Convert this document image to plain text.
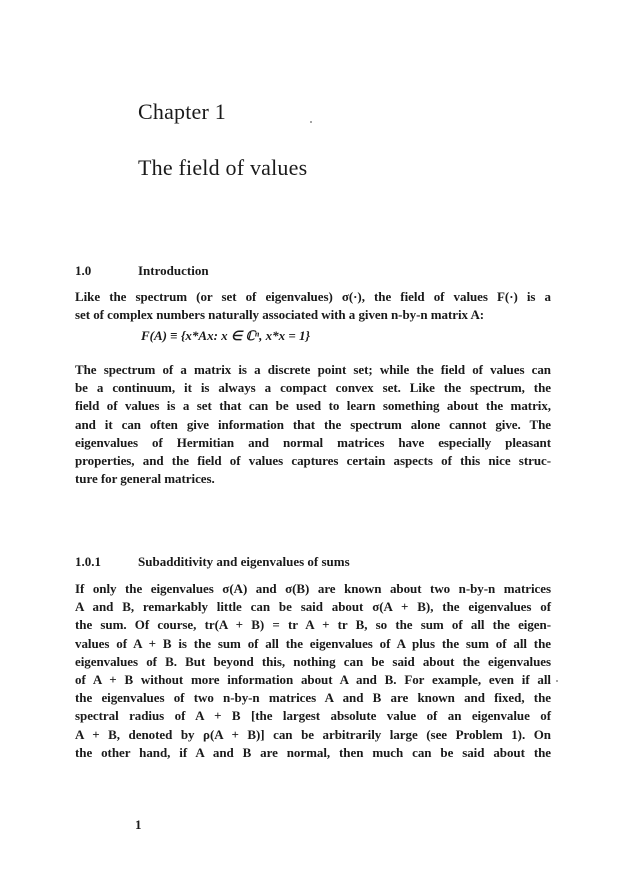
Chapter 1
The field of values
1.0	Introduction
Like the spectrum (or set of eigenvalues) σ(·), the field of values F(·) is a
set of complex numbers naturally associated with a given n-by-n matrix A:
F(A) ≡ {x*Ax: x ∈ ℂⁿ, x*x = 1}
The spectrum of a matrix is a discrete point set; while the field of values can
be a continuum, it is always a compact convex set. Like the spectrum, the
field of values is a set that can be used to learn something about the matrix,
and it can often give information that the spectrum alone cannot give. The
eigenvalues of Hermitian and normal matrices have especially pleasant
properties, and the field of values captures certain aspects of this nice struc-
ture for general matrices.
1.0.1	Subadditivity and eigenvalues of sums
If only the eigenvalues σ(A) and σ(B) are known about two n-by-n matrices
A and B, remarkably little can be said about σ(A + B), the eigenvalues of
the sum. Of course, tr(A + B) = tr A + tr B, so the sum of all the eigen-
values of A + B is the sum of all the eigenvalues of A plus the sum of all the
eigenvalues of B. But beyond this, nothing can be said about the eigenvalues
of A + B without more information about A and B. For example, even if all
the eigenvalues of two n-by-n matrices A and B are known and fixed, the
spectral radius of A + B [the largest absolute value of an eigenvalue of
A + B, denoted by ρ(A + B)] can be arbitrarily large (see Problem 1). On
the other hand, if A and B are normal, then much can be said about the
1
